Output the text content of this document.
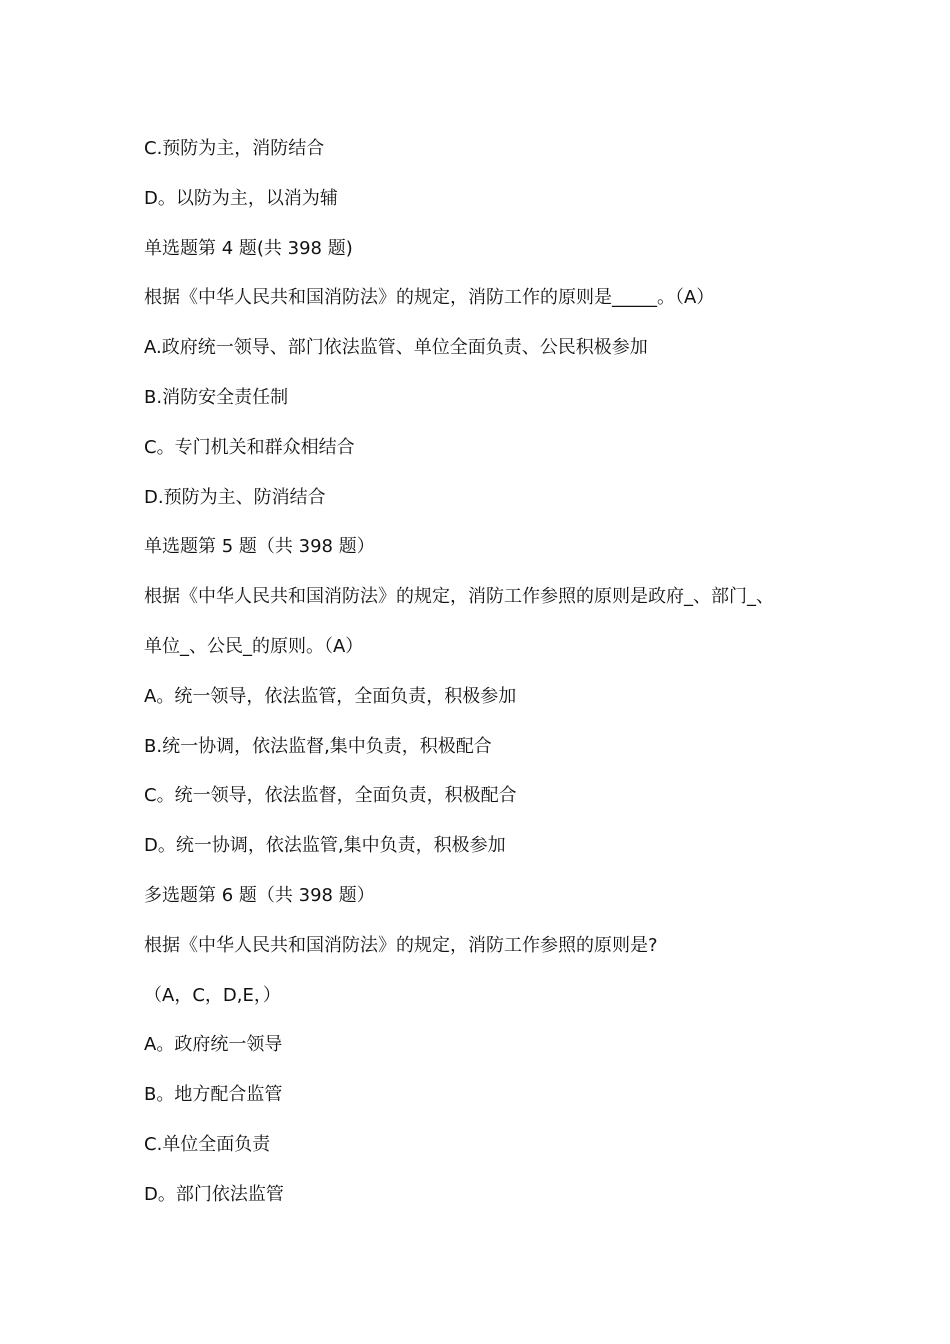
C.预防为主，消防结合
D。以防为主，以消为辅
单选题第 4 题(共 398 题)
根据《中华人民共和国消防法》的规定，消防工作的原则是_____。（A）
A.政府统一领导、部门依法监管、单位全面负责、公民积极参加
B.消防安全责任制
C。专门机关和群众相结合
D.预防为主、防消结合
单选题第 5 题（共 398 题）
根据《中华人民共和国消防法》的规定，消防工作参照的原则是政府_、部门_、
单位_、公民_的原则。（A）
A。统一领导，依法监管，全面负责，积极参加
B.统一协调，依法监督,集中负责，积极配合
C。统一领导，依法监督，全面负责，积极配合
D。统一协调，依法监管,集中负责，积极参加
多选题第 6 题（共 398 题）
根据《中华人民共和国消防法》的规定，消防工作参照的原则是?
（A，C，D,E，）
A。政府统一领导
B。地方配合监管
C.单位全面负责
D。部门依法监管
